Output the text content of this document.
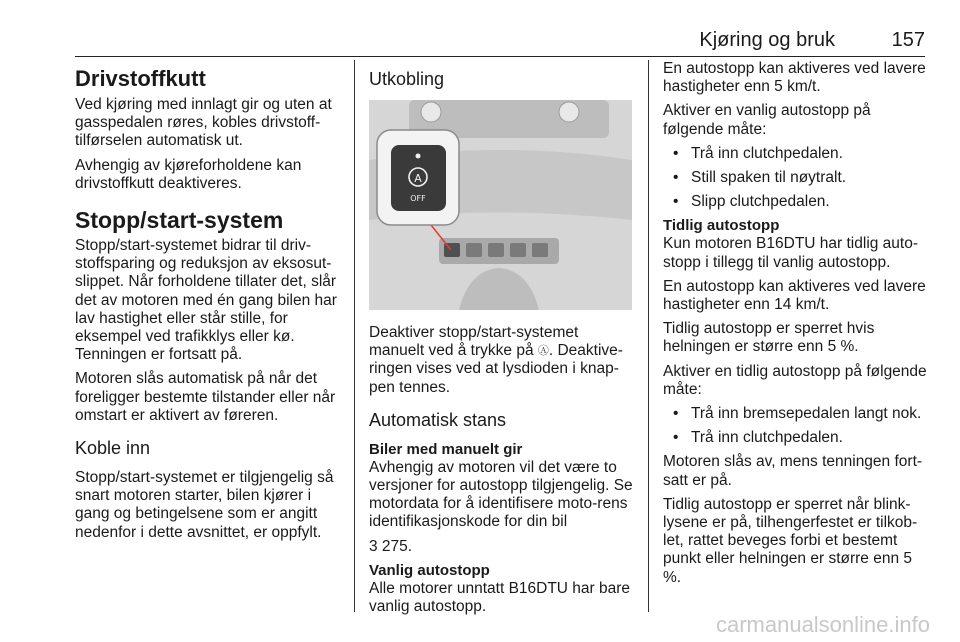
Kjøring og bruk	157
Drivstoffkutt

Ved kjøring med innlagt gir og uten at gasspedalen røres, kobles drivstoff-tilførselen automatisk ut.

Avhengig av kjøreforholdene kan drivstoffkutt deaktiveres.

Stopp/start-system

Stopp/start-systemet bidrar til driv-stoffsparing og reduksjon av eksosut-slippet. Når forholdene tillater det, slår det av motoren med én gang bilen har lav hastighet eller står stille, for eksempel ved trafikklys eller kø. Tenningen er fortsatt på.

Motoren slås automatisk på når det foreligger bestemte tilstander eller når omstart er aktivert av føreren.

Koble inn

Stopp/start-systemet er tilgjengelig så snart motoren starter, bilen kjører i gang og betingelsene som er angitt nedenfor i dette avsnittet, er oppfylt.

Utkobling
A
OFF

Deaktiver stopp/start-systemet manuelt ved å trykke på Ⓐ. Deaktive-ringen vises ved at lysdioden i knap-pen tennes.

Automatisk stans
Biler med manuelt gir

Avhengig av motoren vil det være to versjoner for autostopp tilgjengelig. Se motordata for å identifisere moto-rens identifikasjonskode for din bil

3 275.

Vanlig autostopp

Alle motorer unntatt B16DTU har bare vanlig autostopp.

En autostopp kan aktiveres ved lavere hastigheter enn 5 km/t.

Aktiver en vanlig autostopp på følgende måte:

• Trå inn clutchpedalen.
• Still spaken til nøytralt.
• Slipp clutchpedalen.
Tidlig autostopp

Kun motoren B16DTU har tidlig auto-stopp i tillegg til vanlig autostopp.

En autostopp kan aktiveres ved lavere hastigheter enn 14 km/t.

Tidlig autostopp er sperret hvis helningen er større enn 5 %.

Aktiver en tidlig autostopp på følgende måte:

• Trå inn bremsepedalen langt nok.
• Trå inn clutchpedalen.

Motoren slås av, mens tenningen fort-satt er på.

Tidlig autostopp er sperret når blink-lysene er på, tilhengerfestet er tilkob-let, rattet beveges forbi et bestemt punkt eller helningen er større enn 5 %.

carmanualsonline.info
